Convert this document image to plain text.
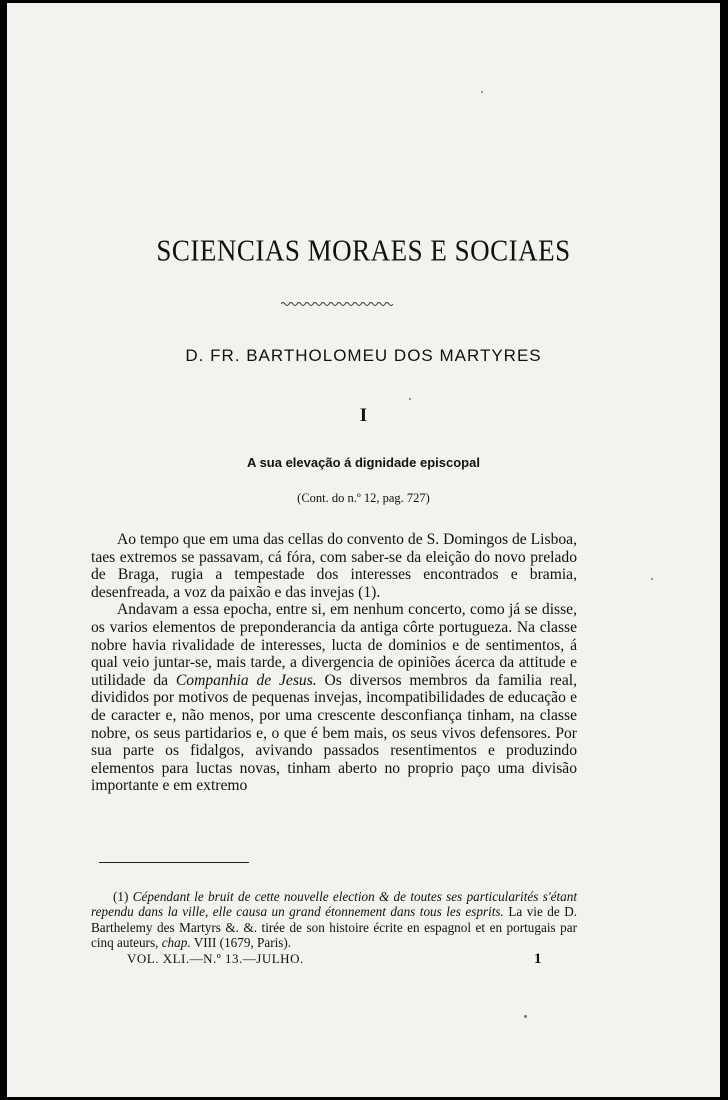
SCIENCIAS MORAES E SOCIAES
D. FR. BARTHOLOMEU DOS MARTYRES
I
A sua elevação á dignidade episcopal
(Cont. do n.º 12, pag. 727)

Ao tempo que em uma das cellas do convento de S. Domingos de Lisboa, taes extremos se passavam, cá fóra, com saber-se da eleição do novo prelado de Braga, rugia a tempestade dos interesses encontrados e bramia, desenfreada, a voz da paixão e das invejas (1).

Andavam a essa epocha, entre si, em nenhum concerto, como já se disse, os varios elementos de preponderancia da antiga côrte portugueza. Na classe nobre havia rivalidade de interesses, lucta de dominios e de sentimentos, á qual veio juntar-se, mais tarde, a divergencia de opiniões ácerca da attitude e utilidade da Companhia de Jesus. Os diversos membros da familia real, divididos por motivos de pequenas invejas, incompatibilidades de educação e de caracter e, não menos, por uma crescente desconfiança tinham, na classe nobre, os seus partidarios e, o que é bem mais, os seus vivos defensores. Por sua parte os fidalgos, avivando passados resentimentos e produzindo elementos para luctas novas, tinham aberto no proprio paço uma divisão importante e em extremo

(1) Cépendant le bruit de cette nouvelle election & de toutes ses particularités s'étant rependu dans la ville, elle causa un grand étonnement dans tous les esprits. La vie de D. Barthelemy des Martyrs &. &. tirée de son histoire écrite en espagnol et en portugais par cinq auteurs, chap. VIII (1679, Paris).

VOL. XLI.—N.º 13.—JULHO.	1
